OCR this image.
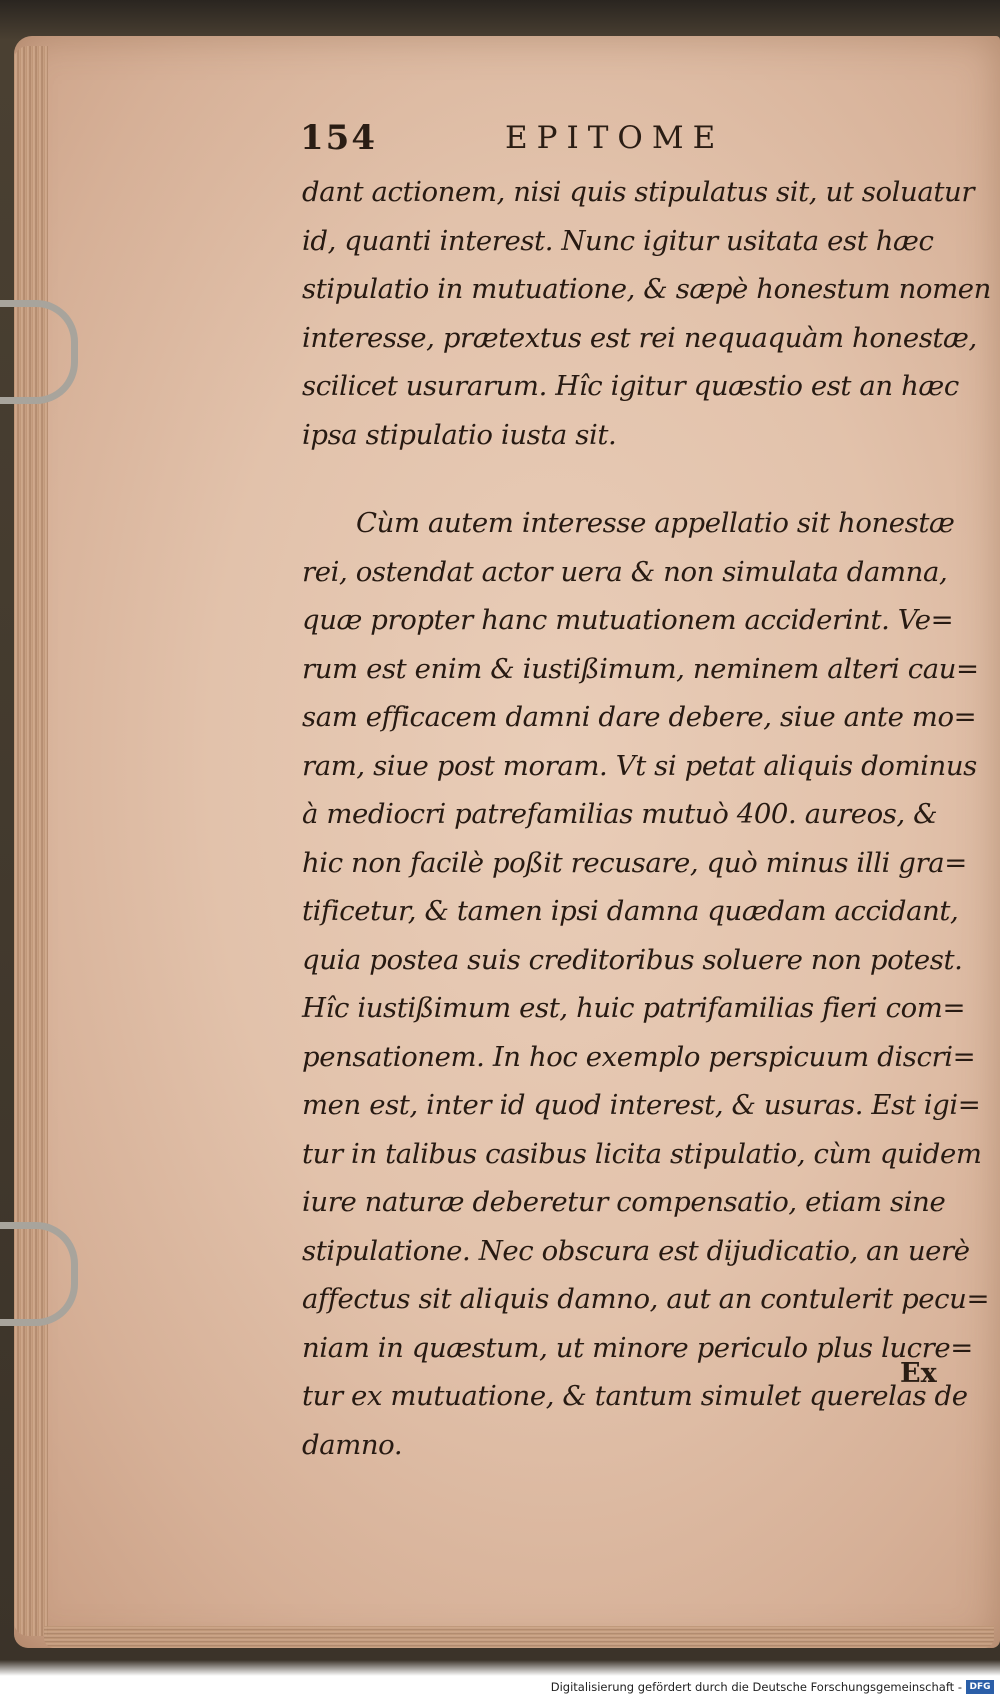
154	EPITOME
dant actionem, nisi quis stipulatus sit, ut soluatur
id, quanti interest. Nunc igitur usitata est hæc
stipulatio in mutuatione, & sæpè honestum nomen
interesse, prætextus est rei nequaquàm honestæ,
scilicet usurarum. Hîc igitur quæstio est an hæc
ipsa stipulatio iusta sit.
Cùm autem interesse appellatio sit honestæ
rei, ostendat actor uera & non simulata damna,
quæ propter hanc mutuationem acciderint. Ve=
rum est enim & iustißimum, neminem alteri cau=
sam efficacem damni dare debere, siue ante mo=
ram, siue post moram. Vt si petat aliquis dominus
à mediocri patrefamilias mutuò 400. aureos, &
hic non facilè poßit recusare, quò minus illi gra=
tificetur, & tamen ipsi damna quædam accidant,
quia postea suis creditoribus soluere non potest.
Hîc iustißimum est, huic patrifamilias fieri com=
pensationem. In hoc exemplo perspicuum discri=
men est, inter id quod interest, & usuras. Est igi=
tur in talibus casibus licita stipulatio, cùm quidem
iure naturæ deberetur compensatio, etiam sine
stipulatione. Nec obscura est dijudicatio, an uerè
affectus sit aliquis damno, aut an contulerit pecu=
niam in quæstum, ut minore periculo plus lucre=
tur ex mutuatione, & tantum simulet querelas de
damno.
Ex
Digitalisierung gefördert durch die Deutsche Forschungsgemeinschaft - DFG
